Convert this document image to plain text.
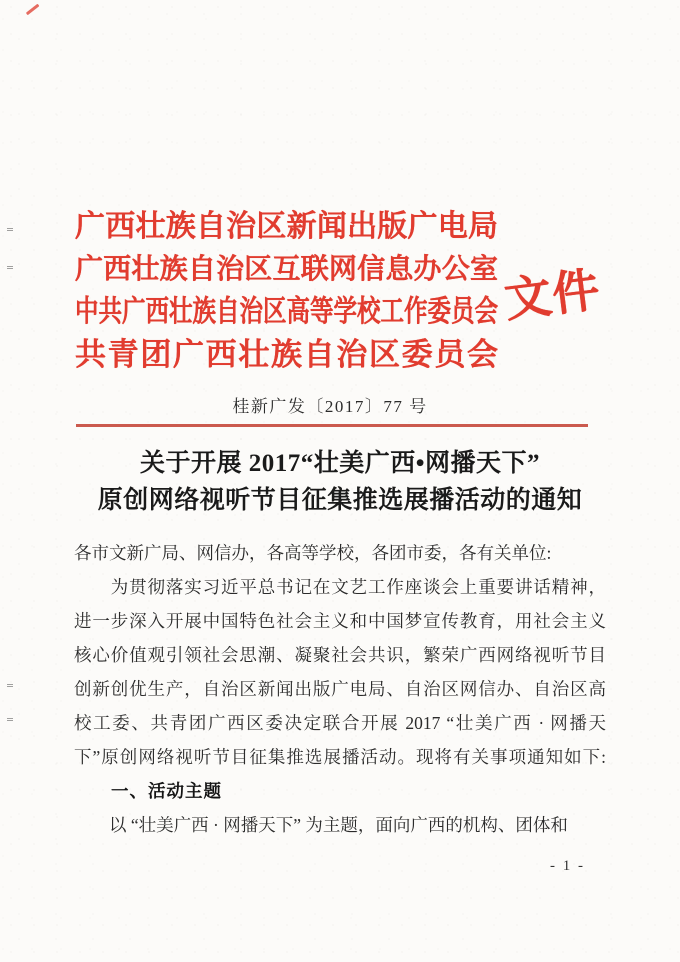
广西壮族自治区新闻出版广电局
广西壮族自治区互联网信息办公室
中共广西壮族自治区高等学校工作委员会
共青团广西壮族自治区委员会
文件
桂新广发〔2017〕77 号
关于开展 2017“壮美广西•网播天下”
原创网络视听节目征集推选展播活动的通知
各市文新广局、网信办，各高等学校，各团市委，各有关单位:
　　为贯彻落实习近平总书记在文艺工作座谈会上重要讲话精神，
进一步深入开展中国特色社会主义和中国梦宣传教育，用社会主义
核心价值观引领社会思潮、凝聚社会共识，繁荣广西网络视听节目
创新创优生产，自治区新闻出版广电局、自治区网信办、自治区高
校工委、共青团广西区委决定联合开展 2017 “壮美广西 · 网播天
下”原创网络视听节目征集推选展播活动。现将有关事项通知如下:
　　一、活动主题
　　以 “壮美广西 · 网播天下” 为主题，面向广西的机构、团体和
- 1 -
